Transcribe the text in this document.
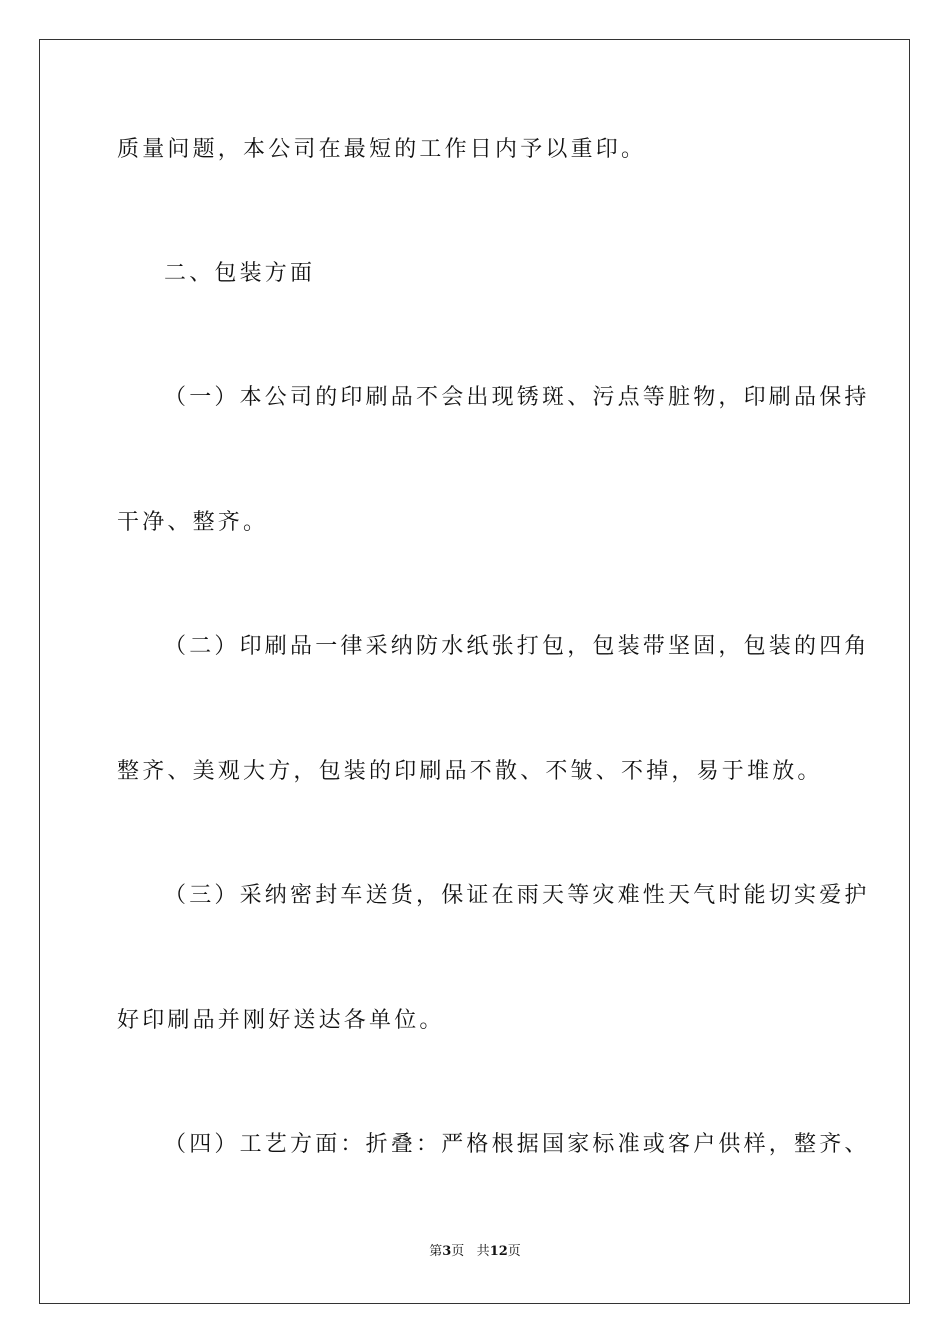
质量问题，本公司在最短的工作日内予以重印。
二、包装方面
（一）本公司的印刷品不会出现锈斑、污点等脏物，印刷品保持
干净、整齐。
（二）印刷品一律采纳防水纸张打包，包装带坚固，包装的四角
整齐、美观大方，包装的印刷品不散、不皱、不掉，易于堆放。
（三）采纳密封车送货，保证在雨天等灾难性天气时能切实爱护
好印刷品并刚好送达各单位。
（四）工艺方面：折叠：严格根据国家标准或客户供样，整齐、
第3页 共12页
